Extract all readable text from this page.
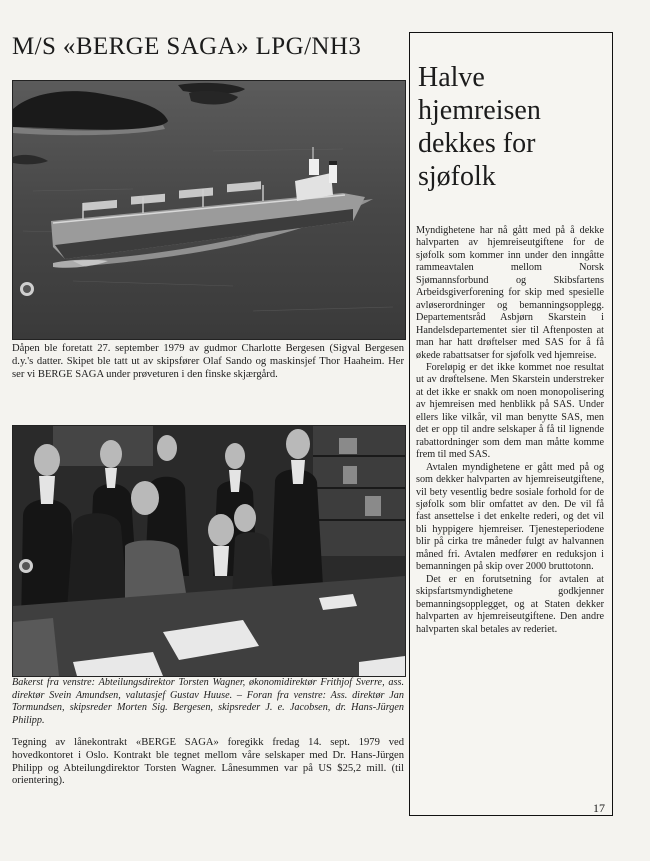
M/S «BERGE SAGA» LPG/NH3

Dåpen ble foretatt 27. september 1979 av gudmor Charlotte Bergesen (Sigval Bergesen d.y.'s datter. Skipet ble tatt ut av skipsfører Olaf Sando og maskinsjef Thor Haaheim. Her ser vi BERGE SAGA under prøveturen i den finske skjærgård.

Bakerst fra venstre: Abteilungsdirektor Torsten Wagner, økonomidirektør Frithjof Sverre, ass. direktør Svein Amundsen, valutasjef Gustav Huuse. – Foran fra venstre: Ass. direktør Jan Tormundsen, skipsreder Morten Sig. Bergesen, skipsreder J. e. Jacobsen, dr. Hans-Jürgen Philipp.

Tegning av lånekontrakt «BERGE SAGA» foregikk fredag 14. sept. 1979 ved hovedkontoret i Oslo. Kontrakt ble tegnet mellom våre selskaper med Dr. Hans-Jürgen Philipp og Abteilungdirektor Torsten Wagner. Lånesummen var på US $25,2 mill. (til orientering).

Halve hjemreisen dekkes for sjøfolk

Myndighetene har nå gått med på å dekke halvparten av hjemreiseutgiftene for de sjøfolk som kommer inn under den inngåtte rammeavtalen mellom Norsk Sjømannsforbund og Skibsfartens Arbeidsgiverforening for skip med spesielle avløserordninger og bemanningsopplegg. Departementsråd Asbjørn Skarstein i Handelsdepartementet sier til Aftenposten at man har hatt drøftelser med SAS for å få økede rabattsatser for sjøfolk ved hjemreise.

Foreløpig er det ikke kommet noe resultat ut av drøftelsene. Men Skarstein understreker at det ikke er snakk om noen monopolisering av hjemreisen med henblikk på SAS. Under ellers like vilkår, vil man benytte SAS, men det er opp til andre selskaper å få til lignende rabattordninger som dem man måtte komme frem til med SAS.

Avtalen myndighetene er gått med på og som dekker halvparten av hjemreiseutgiftene, vil bety vesentlig bedre sosiale forhold for de sjøfolk som blir omfattet av den. De vil få fast ansettelse i det enkelte rederi, og det vil bli hyppigere hjemreiser. Tjenesteperiodene blir på cirka tre måneder fulgt av halvannen måned fri. Avtalen medfører en reduksjon i bemanningen på skip over 2000 bruttotonn.

Det er en forutsetning for avtalen at skipsfartsmyndighetene godkjenner bemanningsopplegget, og at Staten dekker halvparten av hjemreiseutgiftene. Den andre halvparten skal betales av rederiet.

17
